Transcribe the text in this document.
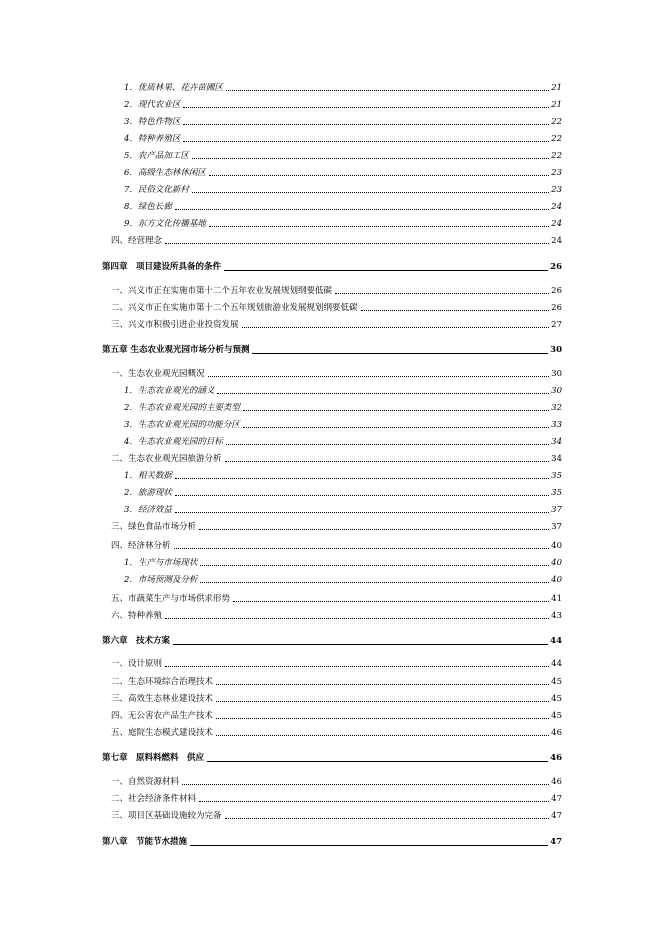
1．优质林果、花卉苗圃区	21
2．现代农业区	21
3．特色作物区	22
4．特种养殖区	22
5．农产品加工区	22
6．高级生态林休闲区	23
7．民俗文化新村	23
8．绿色长廊	24
9．东方文化传播基地	24
四、经营理念	24
第四章　项目建设所具备的条件	26
一、兴义市正在实施市第十二个五年农业发展规划纲要低碳	26
二、兴义市正在实施市第十二个五年规划旅游业发展规划纲要低碳	26
三、兴义市积极引进企业投资发展	27
第五章 生态农业观光园市场分析与预测	30
一、生态农业观光园概况	30
1．生态农业观光的涵义	30
2．生态农业观光园的主要类型	32
3．生态农业观光园的功能分区	33
4．生态农业观光园的目标	34
二、生态农业观光园旅游分析	34
1．相关数据	35
2．旅游现状	35
3．经济效益	37
三、绿色食品市场分析	37
四、经济林分析	40
1．生产与市场现状	40
2．市场预测及分析	40
五、市蔬菜生产与市场供求形势	41
六、特种养殖	43
第六章　技术方案	44
一、设计原则	44
二、生态环境综合治理技术	45
三、高效生态林业建设技术	45
四、无公害农产品生产技术	45
五、庭院生态模式建设技术	46
第七章　原料料燃料　供应	46
一、自然资源材料	46
二、社会经济条件材料	47
三、项目区基础设施较为完备	47
第八章　节能节水措施	47
